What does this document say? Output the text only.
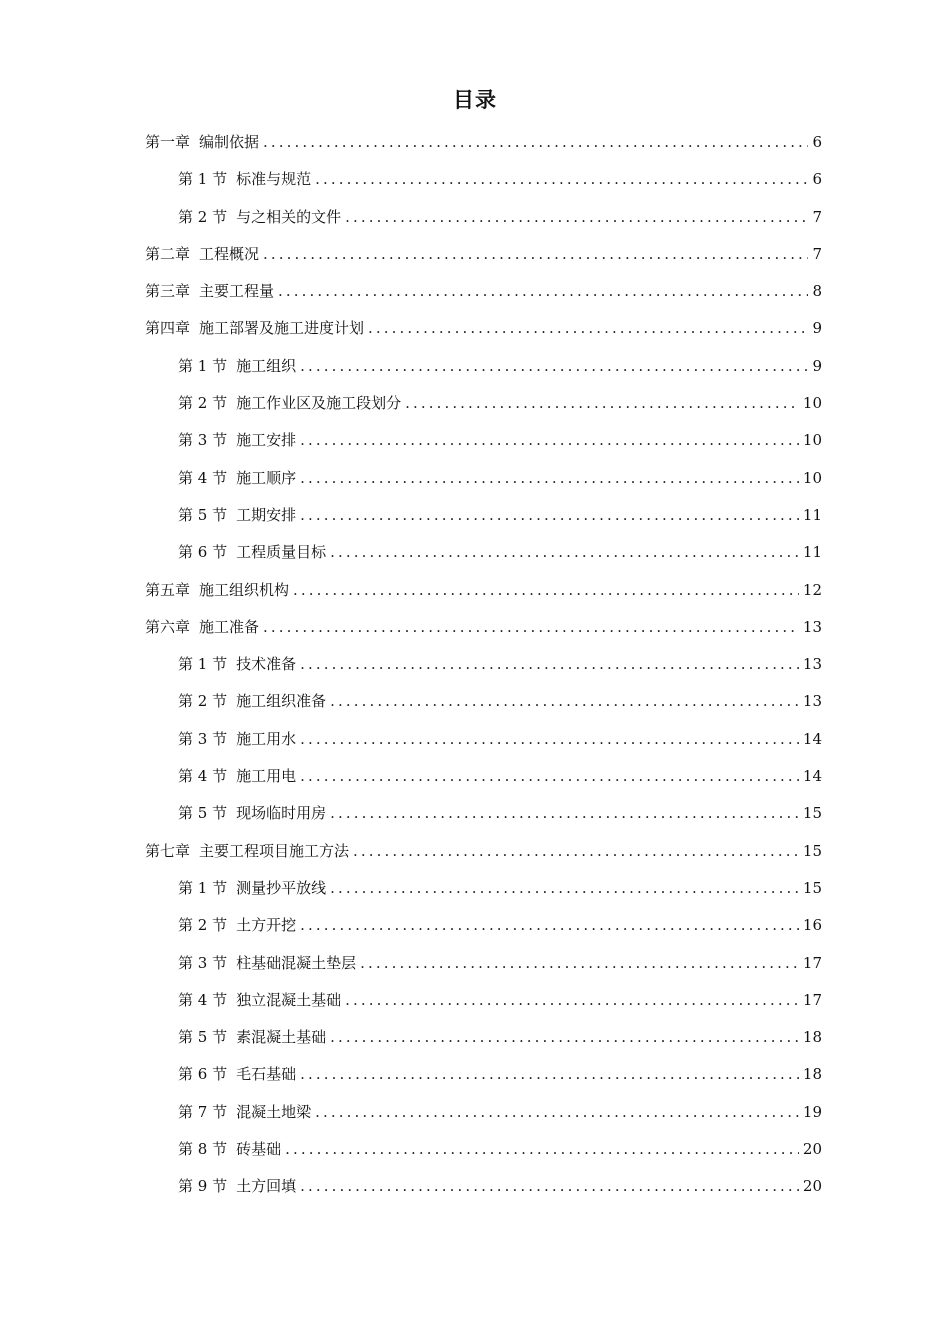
目录
第一章 编制依据 .....	6
第 1 节 标准与规范 .....	6
第 2 节 与之相关的文件 .....	7
第二章 工程概况 .....	7
第三章 主要工程量 .....	8
第四章 施工部署及施工进度计划 .....	9
第 1 节 施工组织 .....	9
第 2 节 施工作业区及施工段划分 .....	10
第 3 节 施工安排 .....	10
第 4 节 施工顺序 .....	10
第 5 节 工期安排 .....	11
第 6 节 工程质量目标 .....	11
第五章 施工组织机构 .....	12
第六章 施工准备 .....	13
第 1 节 技术准备 .....	13
第 2 节 施工组织准备 .....	13
第 3 节 施工用水 .....	14
第 4 节 施工用电 .....	14
第 5 节 现场临时用房 .....	15
第七章 主要工程项目施工方法 .....	15
第 1 节 测量抄平放线 .....	15
第 2 节 土方开挖 .....	16
第 3 节 柱基础混凝土垫层 .....	17
第 4 节 独立混凝土基础 .....	17
第 5 节 素混凝土基础 .....	18
第 6 节 毛石基础 .....	18
第 7 节 混凝土地梁 .....	19
第 8 节 砖基础 .....	20
第 9 节 土方回填 .....	20
